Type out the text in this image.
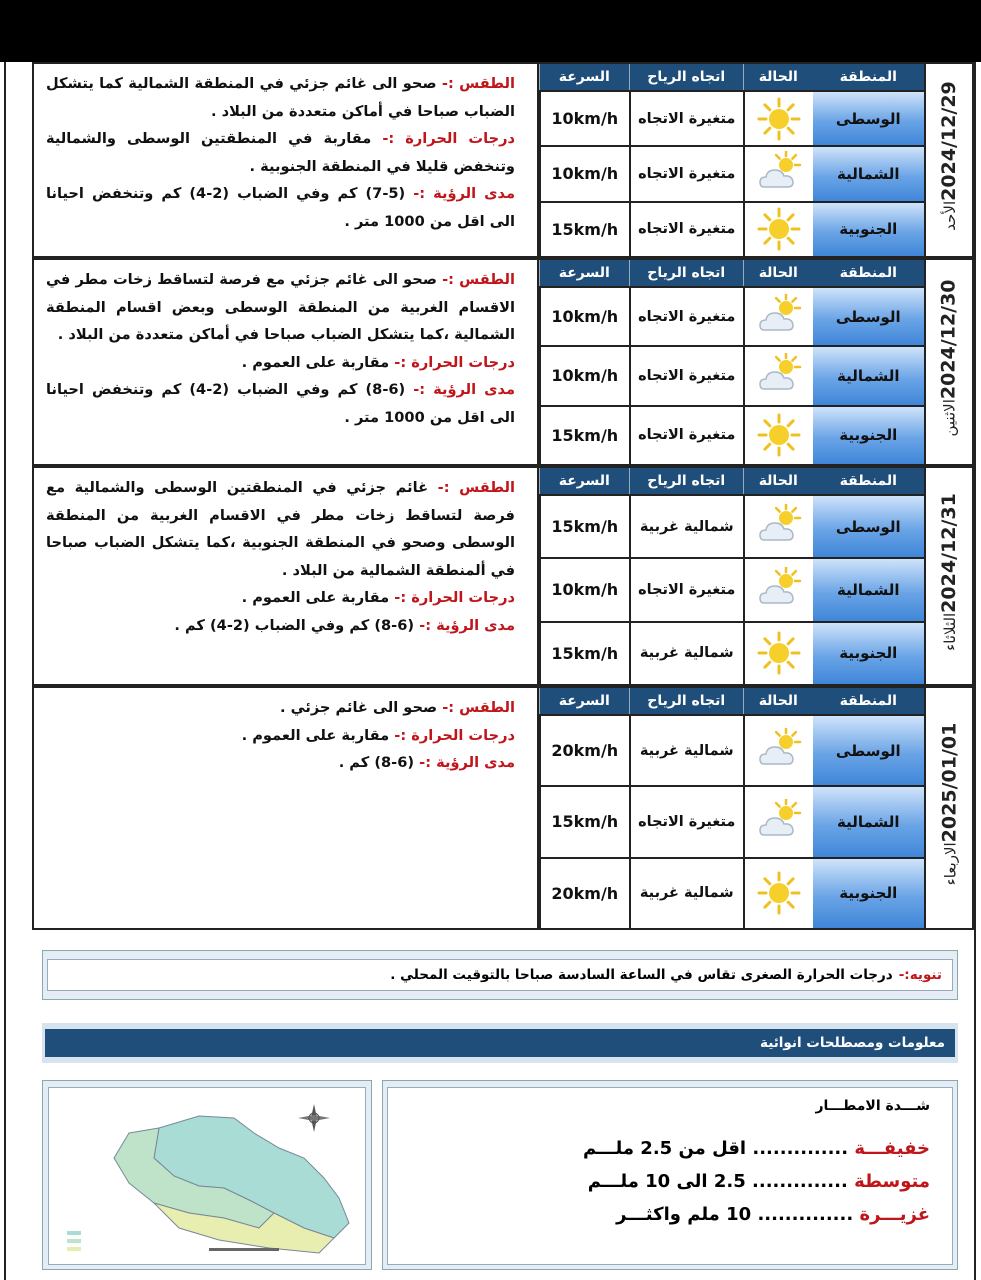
الطقس :- صحو الى غائم جزئي في المنطقة الشمالية كما يتشكل الضباب صباحا في أماكن متعددة من البلاد .

درجات الحرارة :- مقاربة في المنطقتين الوسطى والشمالية وتنخفض قليلا في المنطقة الجنوبية .

مدى الرؤية :- (5-7) كم وفي الضباب (2-4) كم وتنخفض احيانا الى اقل من 1000 متر .

السرعة	اتجاه الرياح	الحالة	المنطقة
10km/h	متغيرة الاتجاه	الوسطى
10km/h	متغيرة الاتجاه	الشمالية
15km/h	متغيرة الاتجاه	الجنوبية
2024/12/29الأحد

الطقس :- صحو الى غائم جزئي مع فرصة لتساقط زخات مطر في الاقسام الغربية من المنطقة الوسطى وبعض اقسام المنطقة الشمالية ،كما يتشكل الضباب صباحا في أماكن متعددة من البلاد .

درجات الحرارة :- مقاربة على العموم .

مدى الرؤية :- (6-8) كم وفي الضباب (2-4) كم وتنخفض احيانا الى اقل من 1000 متر .

السرعة	اتجاه الرياح	الحالة	المنطقة
10km/h	متغيرة الاتجاه	الوسطى
10km/h	متغيرة الاتجاه	الشمالية
15km/h	متغيرة الاتجاه	الجنوبية
2024/12/30الاثنين

الطقس :- غائم جزئي في المنطقتين الوسطى والشمالية مع فرصة لتساقط زخات مطر في الاقسام الغربية من المنطقة الوسطى وصحو في المنطقة الجنوبية ،كما يتشكل الضباب صباحا في ألمنطقة الشمالية من البلاد .

درجات الحرارة :- مقاربة على العموم .

مدى الرؤية :- (6-8) كم وفي الضباب (2-4) كم .

السرعة	اتجاه الرياح	الحالة	المنطقة
15km/h	شمالية غربية	الوسطى
10km/h	متغيرة الاتجاه	الشمالية
15km/h	شمالية غربية	الجنوبية
2024/12/31الثلاثاء

الطقس :- صحو الى غائم جزئي .

درجات الحرارة :- مقاربة على العموم .

مدى الرؤية :- (6-8) كم .

السرعة	اتجاه الرياح	الحالة	المنطقة
20km/h	شمالية غربية	الوسطى
15km/h	متغيرة الاتجاه	الشمالية
20km/h	شمالية غربية	الجنوبية
2025/01/01الاربعاء
تنويه:-
درجات الحرارة الصغرى تقاس في الساعة السادسة صباحا بالتوقيت المحلي .
معلومات ومصطلحات انوائية
شـــدة الامطـــار
خفيفـــة .............. اقل من 2.5 ملـــم
متوسطة .............. 2.5 الى 10 ملـــم
غزيـــرة .............. 10 ملم واكثـــر
